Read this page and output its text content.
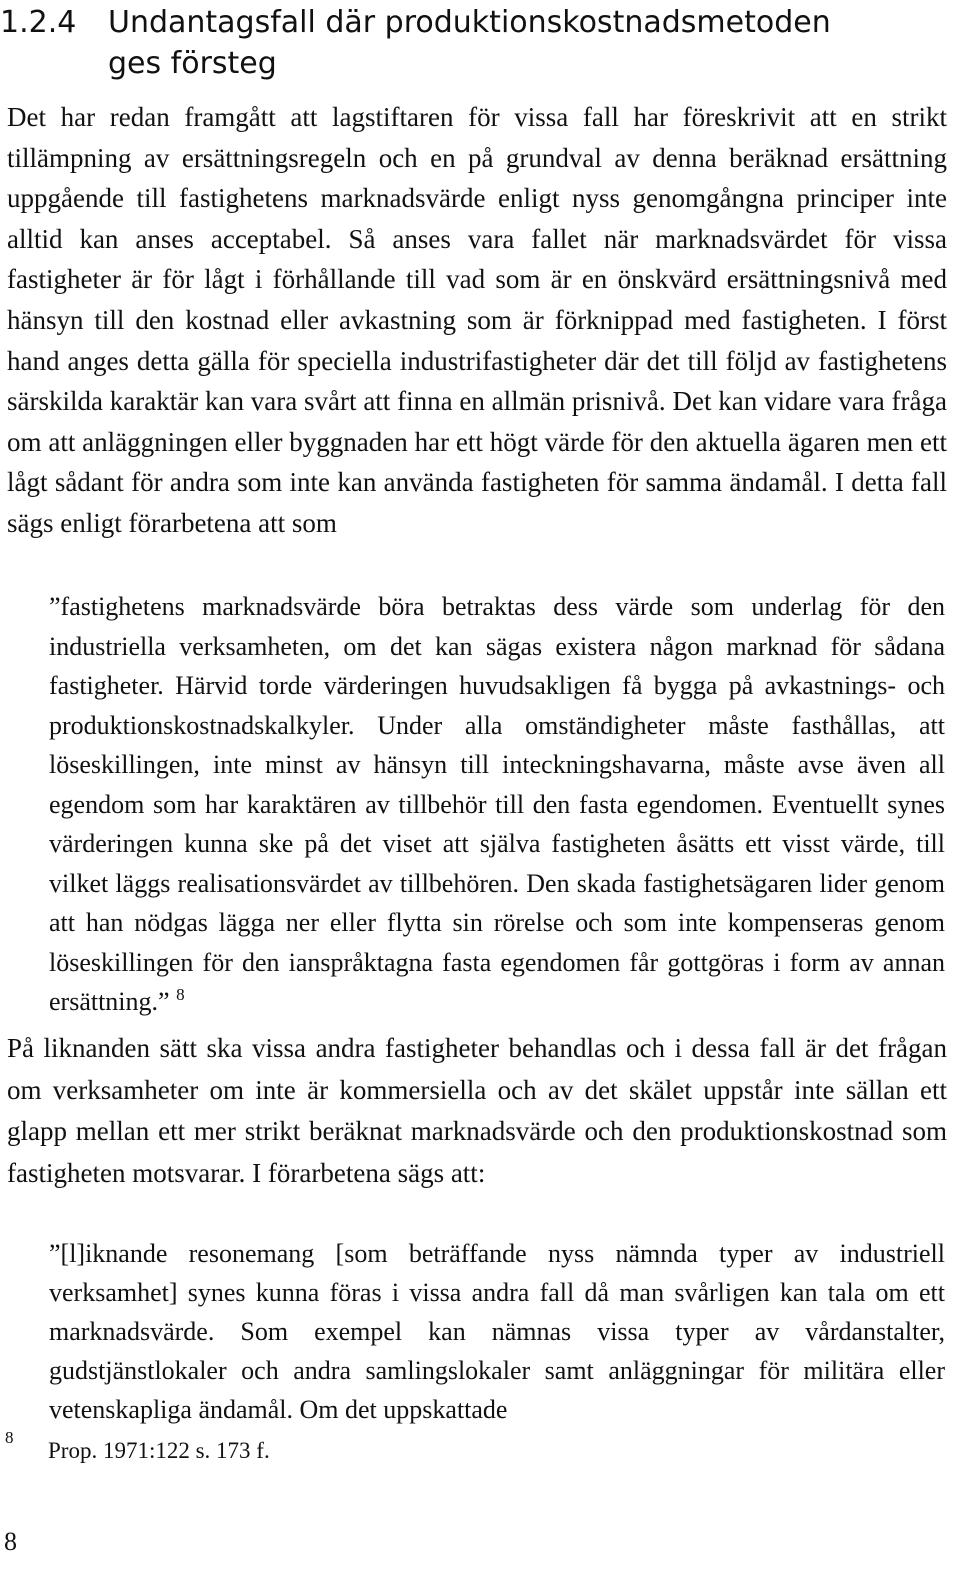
1.2.4 Undantagsfall där produktionskostnadsmetoden
ges försteg

Det har redan framgått att lagstiftaren för vissa fall har föreskrivit att en strikt tillämpning av ersättningsregeln och en på grundval av denna beräknad ersättning uppgående till fastighetens marknadsvärde enligt nyss genomgångna principer inte alltid kan anses acceptabel. Så anses vara fallet när marknadsvärdet för vissa fastigheter är för lågt i förhållande till vad som är en önskvärd ersättningsnivå med hänsyn till den kostnad eller avkastning som är förknippad med fastigheten. I först hand anges detta gälla för speciella industrifastigheter där det till följd av fastighetens särskilda karaktär kan vara svårt att finna en allmän prisnivå. Det kan vidare vara fråga om att anläggningen eller byggnaden har ett högt värde för den aktuella ägaren men ett lågt sådant för andra som inte kan använda fastigheten för samma ändamål. I detta fall sägs enligt förarbetena att som

”fastighetens marknadsvärde böra betraktas dess värde som underlag för den industriella verksamheten, om det kan sägas existera någon marknad för sådana fastigheter. Härvid torde värderingen huvudsakligen få bygga på avkastnings- och produktionskostnadskalkyler. Under alla omständigheter måste fasthållas, att löseskillingen, inte minst av hänsyn till inteckningshavarna, måste avse även all egendom som har karaktären av tillbehör till den fasta egendomen. Eventuellt synes värderingen kunna ske på det viset att själva fastigheten åsätts ett visst värde, till vilket läggs realisationsvärdet av tillbehören. Den skada fastighetsägaren lider genom att han nödgas lägga ner eller flytta sin rörelse och som inte kompenseras genom löseskillingen för den ianspråktagna fasta egendomen får gottgöras i form av annan ersättning.” $^8$

På liknanden sätt ska vissa andra fastigheter behandlas och i dessa fall är det frågan om verksamheter om inte är kommersiella och av det skälet uppstår inte sällan ett glapp mellan ett mer strikt beräknat marknadsvärde och den produktionskostnad som fastigheten motsvarar. I förarbetena sägs att:

”[l]iknande resonemang [som beträffande nyss nämnda typer av industriell verksamhet] synes kunna föras i vissa andra fall då man svårligen kan tala om ett marknadsvärde. Som exempel kan nämnas vissa typer av vårdanstalter, gudstjänstlokaler och andra samlingslokaler samt anläggningar för militära eller vetenskapliga ändamål. Om det uppskattade

8
Prop. 1971:122 s. 173 f.
8
